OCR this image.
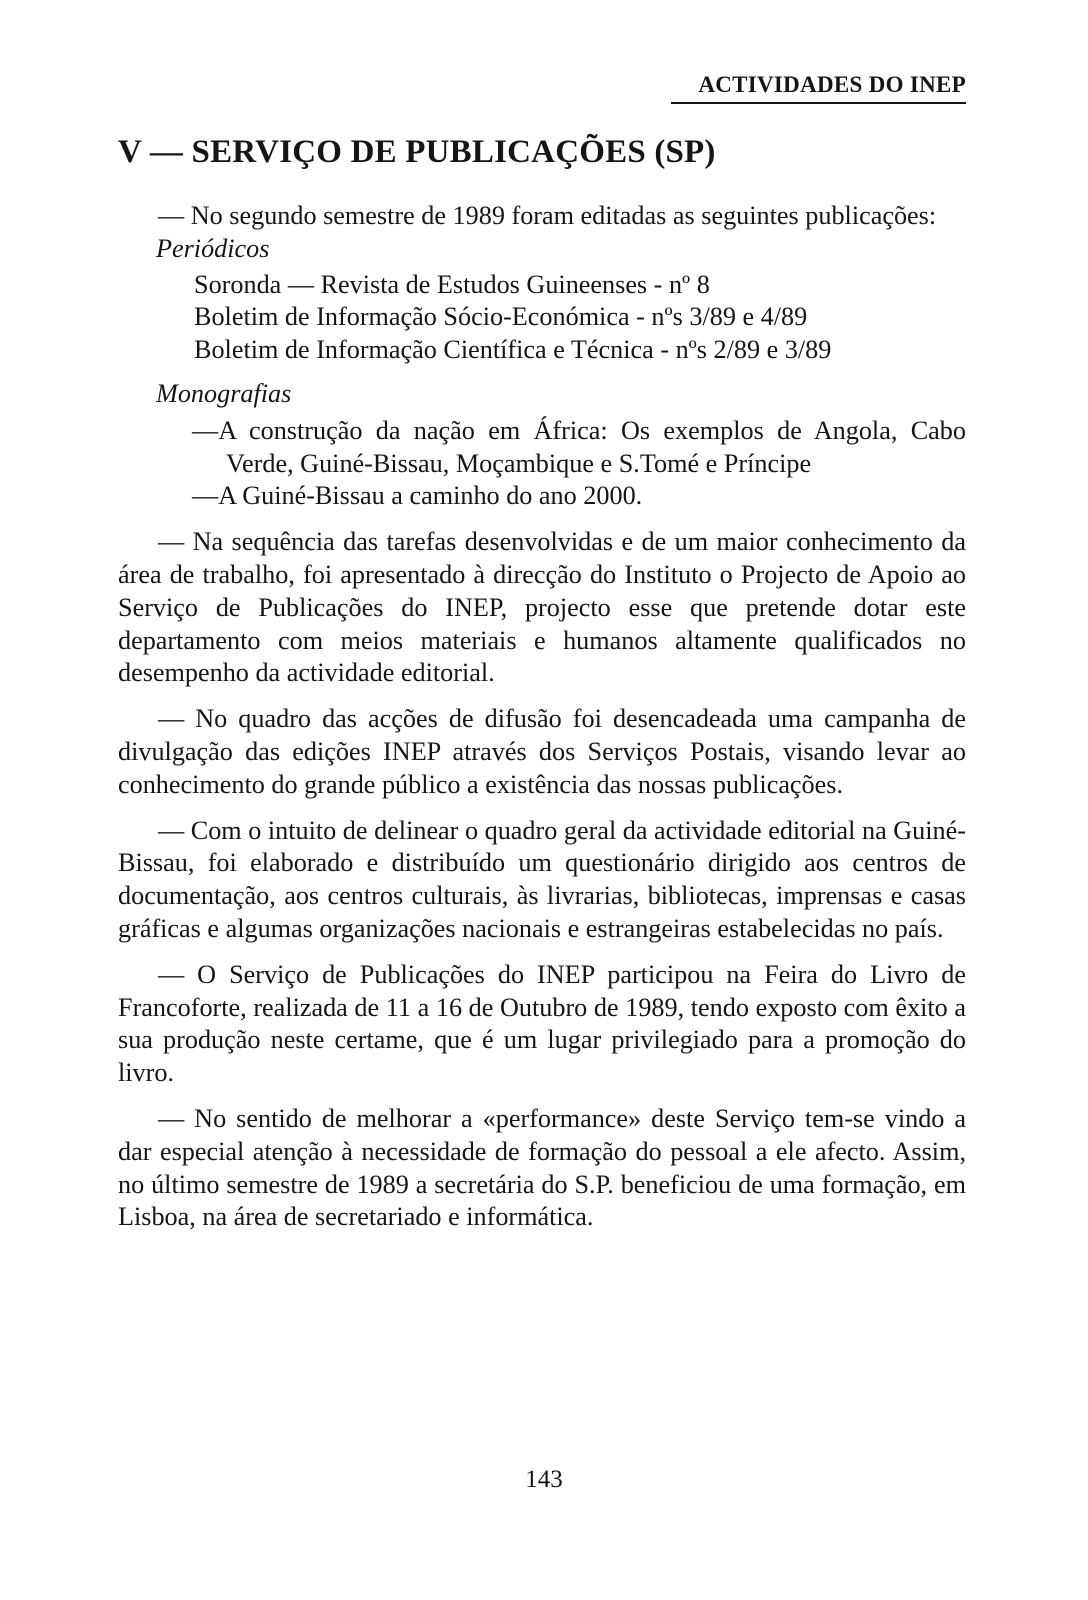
ACTIVIDADES DO INEP
V — SERVIÇO DE PUBLICAÇÕES (SP)

— No segundo semestre de 1989 foram editadas as seguintes publicações:

Periódicos
Soronda — Revista de Estudos Guineenses - nº 8
Boletim de Informação Sócio-Económica - nºs 3/89 e 4/89
Boletim de Informação Científica e Técnica - nºs 2/89 e 3/89
Monografias
—A construção da nação em África: Os exemplos de Angola, Cabo Verde, Guiné-Bissau, Moçambique e S.Tomé e Príncipe
—A Guiné-Bissau a caminho do ano 2000.

— Na sequência das tarefas desenvolvidas e de um maior conhecimento da área de trabalho, foi apresentado à direcção do Instituto o Projecto de Apoio ao Serviço de Publicações do INEP, projecto esse que pretende dotar este departamento com meios materiais e humanos altamente qualificados no desempenho da actividade editorial.

— No quadro das acções de difusão foi desencadeada uma campanha de divulgação das edições INEP através dos Serviços Postais, visando levar ao conhecimento do grande público a existência das nossas publicações.

— Com o intuito de delinear o quadro geral da actividade editorial na Guiné-Bissau, foi elaborado e distribuído um questionário dirigido aos centros de documentação, aos centros culturais, às livrarias, bibliotecas, imprensas e casas gráficas e algumas organizações nacionais e estrangeiras estabelecidas no país.

— O Serviço de Publicações do INEP participou na Feira do Livro de Francoforte, realizada de 11 a 16 de Outubro de 1989, tendo exposto com êxito a sua produção neste certame, que é um lugar privilegiado para a promoção do livro.

— No sentido de melhorar a «performance» deste Serviço tem-se vindo a dar especial atenção à necessidade de formação do pessoal a ele afecto. Assim, no último semestre de 1989 a secretária do S.P. beneficiou de uma formação, em Lisboa, na área de secretariado e informática.

143
